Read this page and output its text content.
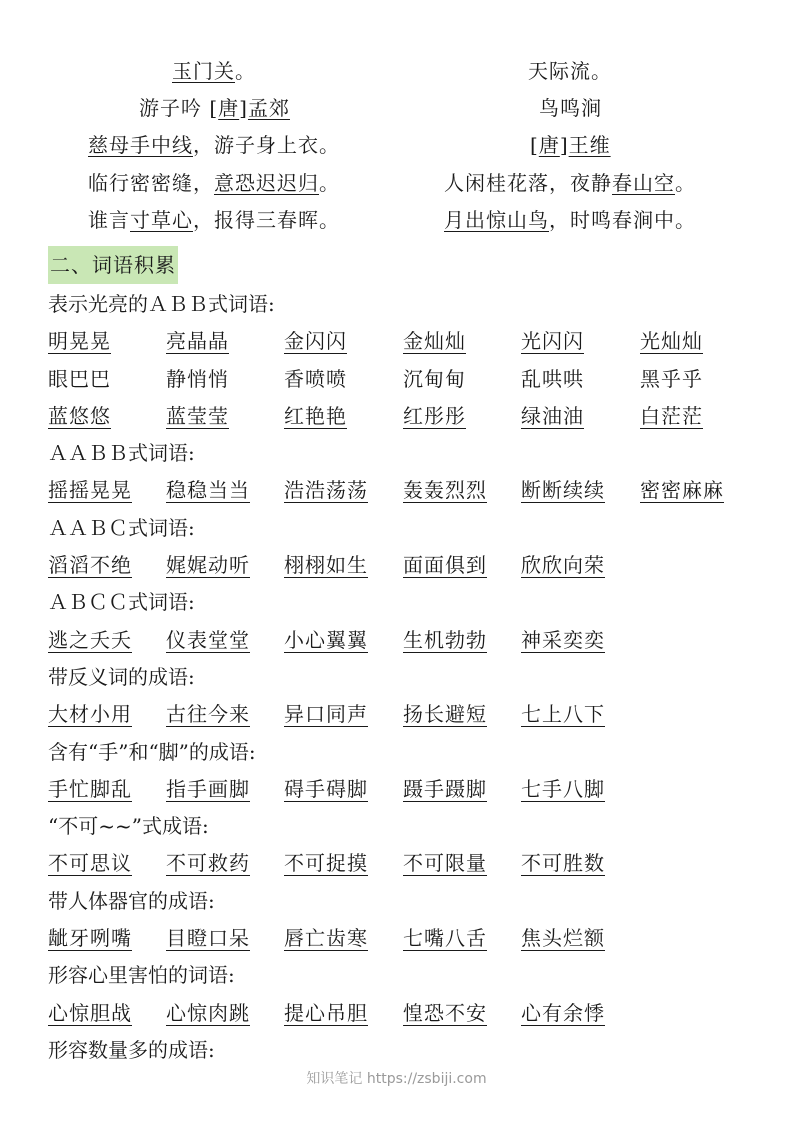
玉门关。
游子吟 [唐]孟郊
慈母手中线，游子身上衣。
临行密密缝，意恐迟迟归。
谁言寸草心，报得三春晖。
天际流。
鸟鸣涧
[唐]王维
人闲桂花落，夜静春山空。
月出惊山鸟，时鸣春涧中。
二、词语积累
表示光亮的ＡＢＢ式词语:
明晃晃	亮晶晶	金闪闪	金灿灿	光闪闪	光灿灿
眼巴巴	静悄悄	香喷喷	沉甸甸	乱哄哄	黑乎乎
蓝悠悠	蓝莹莹	红艳艳	红彤彤	绿油油	白茫茫
ＡＡＢＢ式词语:
摇摇晃晃 稳稳当当 浩浩荡荡 轰轰烈烈 断断续续 密密麻麻
ＡＡＢＣ式词语:
滔滔不绝 娓娓动听 栩栩如生 面面俱到 欣欣向荣
ＡＢＣＣ式词语:
逃之夭夭 仪表堂堂 小心翼翼 生机勃勃 神采奕奕
带反义词的成语:
大材小用 古往今来 异口同声 扬长避短 七上八下
含有“手”和“脚”的成语:
手忙脚乱 指手画脚 碍手碍脚 蹑手蹑脚 七手八脚
“不可~~”式成语:
不可思议 不可救药 不可捉摸 不可限量 不可胜数
带人体器官的成语:
龇牙咧嘴 目瞪口呆 唇亡齿寒 七嘴八舌 焦头烂额
形容心里害怕的词语:
心惊胆战 心惊肉跳 提心吊胆 惶恐不安 心有余悸
形容数量多的成语:
知识笔记 https://zsbiji.com
